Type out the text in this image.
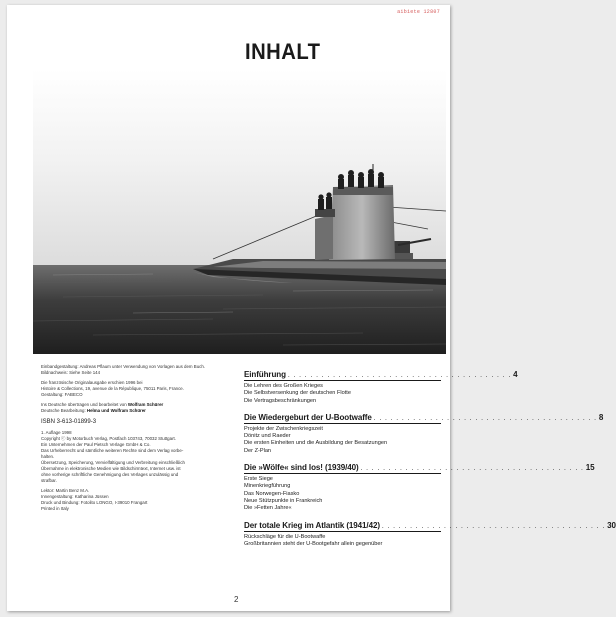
aibiete 12807
INHALT

Einbandgestaltung: Andreas Pflaum unter Verwendung von Vorlagen aus dem Buch.
Bildnachweis: Siehe Seite 144

Die französische Originalausgabe erschien 1996 bei
Histoire & Collections, 19, avenue de la République, 75011 Paris, France.
Gestaltung: FABECO

Ins Deutsche übertragen und bearbeitet von Wolfram Schürer
Deutsche Bearbeitung: Helma und Wolfram Schürer

ISBN 3-613-01899-3

1. Auflage 1998
Copyright ⓒ by Motorbuch Verlag, Postfach 103743, 70032 Stuttgart.
Ein Unternehmen der Paul Pietsch Verlage GmbH & Co.
Das Urheberrecht und sämtliche weiteren Rechte sind dem Verlag vorbe-
halten.
Übersetzung, Speicherung, Vervielfältigung und Verbreitung einschließlich
Übernahme in elektronische Medien wie Bildschirmtext, Internet usw. ist
ohne vorherige schriftliche Genehmigung des Verlages unzulässig und
strafbar.

Lektor: Martin Benz M.A.
Innengestaltung: Katharina Jüssen
Druck und Bindung: Fotolito LONGO, I-39010 Frangart
Printed in Italy

Einführung . . . . . . . . . . . . . . . . . . . . . . . . . . . . . . . . . . . . . . . . 4
Die Lehren des Großen Krieges
Die Selbstversenkung der deutschen Flotte
Die Vertragsbeschränkungen
Die Wiedergeburt der U-Bootwaffe . . . . . . . . . . . . . . . . . . . . . . . . . . . . . . . . . . . . . . . . 8
Projekte der Zwischenkriegszeit
Dönitz und Raeder
Die ersten Einheiten und die Ausbildung der Besatzungen
Der Z-Plan
Die »Wölfe« sind los! (1939/40) . . . . . . . . . . . . . . . . . . . . . . . . . . . . . . . . . . . . . . . . 15
Erste Siege
Minenkriegführung
Das Norwegen-Fiasko
Neue Stützpunkte in Frankreich
Die »Fetten Jahre«
Der totale Krieg im Atlantik (1941/42) . . . . . . . . . . . . . . . . . . . . . . . . . . . . . . . . . . . . . . . . 30
Rückschläge für die U-Bootwaffe
Großbritannien steht der U-Bootgefahr allein gegenüber
2
